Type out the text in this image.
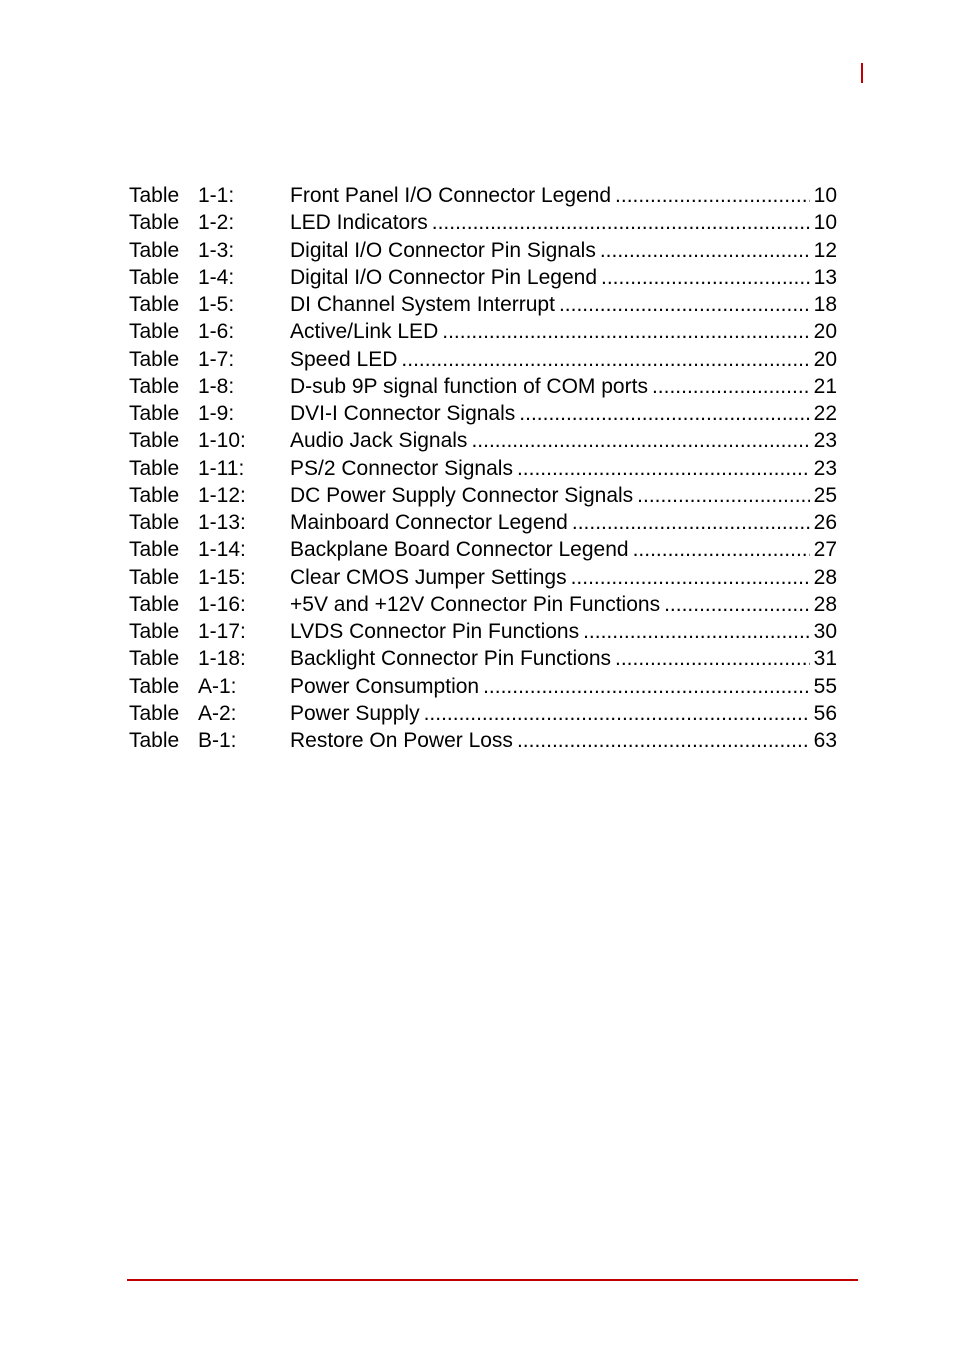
Table 1-1:	Front Panel I/O Connector Legend .....	10
Table 1-2:	LED Indicators .....	10
Table 1-3:	Digital I/O Connector Pin Signals .....	12
Table 1-4:	Digital I/O Connector Pin Legend .....	13
Table 1-5:	DI Channel System Interrupt .....	18
Table 1-6:	Active/Link LED .....	20
Table 1-7:	Speed LED .....	20
Table 1-8:	D-sub 9P signal function of COM ports .....	21
Table 1-9:	DVI-I Connector Signals .....	22
Table 1-10: Audio Jack Signals .....	23
Table 1-11: PS/2 Connector Signals .....	23
Table 1-12: DC Power Supply Connector Signals .....	25
Table 1-13: Mainboard Connector Legend .....	26
Table 1-14: Backplane Board Connector Legend .....	27
Table 1-15: Clear CMOS Jumper Settings .....	28
Table 1-16: +5V and +12V Connector Pin Functions .....	28
Table 1-17: LVDS Connector Pin Functions .....	30
Table 1-18: Backlight Connector Pin Functions .....	31
Table A-1:	Power Consumption .....	55
Table A-2:	Power Supply .....	56
Table B-1:	Restore On Power Loss .....	63
